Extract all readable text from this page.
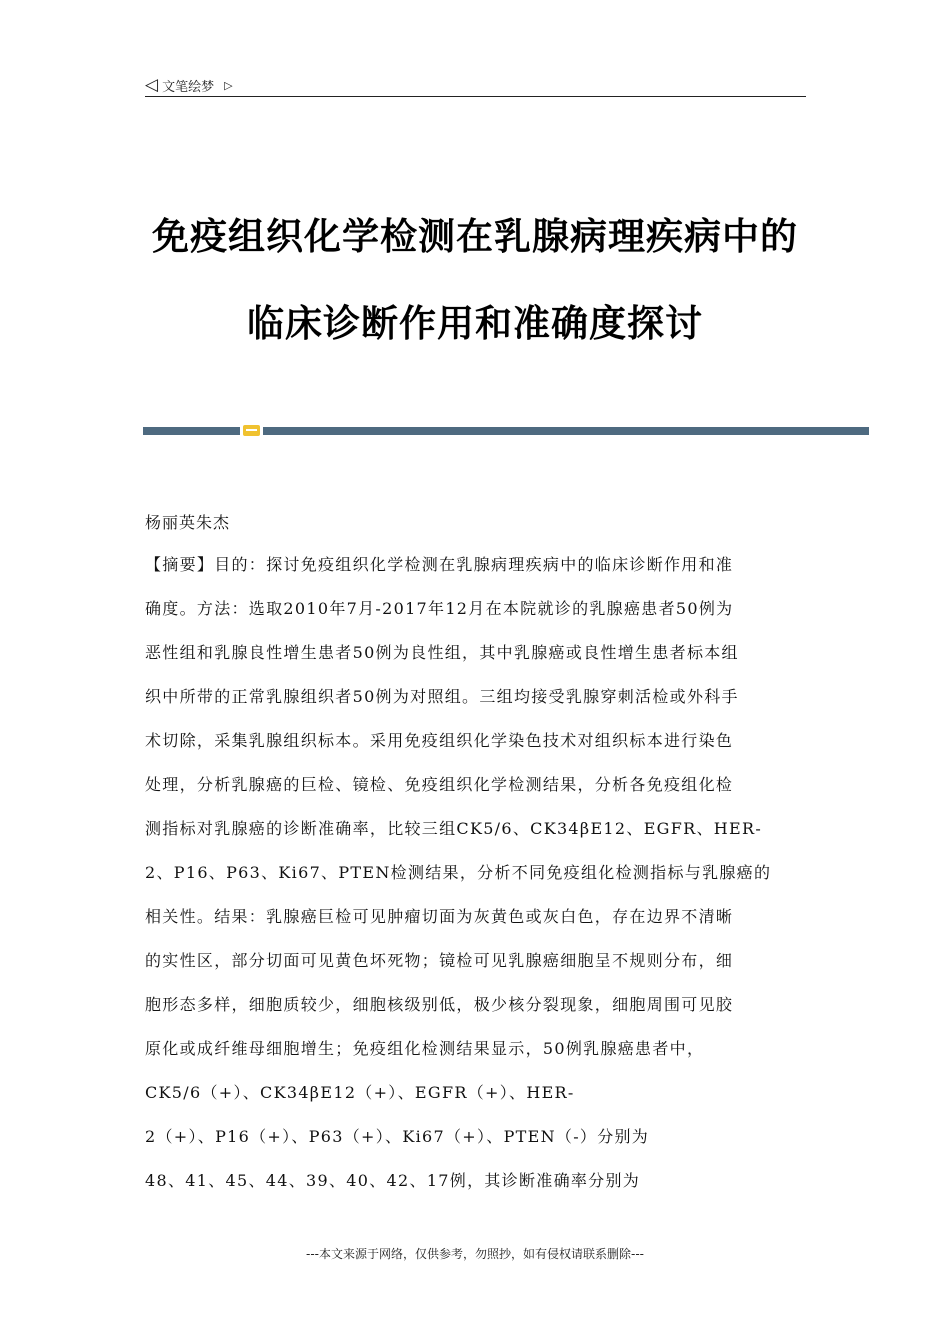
◁ 文笔绘梦 ▷
免疫组织化学检测在乳腺病理疾病中的
临床诊断作用和准确度探讨
杨丽英朱杰
【摘要】目的：探讨免疫组织化学检测在乳腺病理疾病中的临床诊断作用和准
确度。方法：选取2010年7月-2017年12月在本院就诊的乳腺癌患者50例为
恶性组和乳腺良性增生患者50例为良性组，其中乳腺癌或良性增生患者标本组
织中所带的正常乳腺组织者50例为对照组。三组均接受乳腺穿刺活检或外科手
术切除，采集乳腺组织标本。采用免疫组织化学染色技术对组织标本进行染色
处理，分析乳腺癌的巨检、镜检、免疫组织化学检测结果，分析各免疫组化检
测指标对乳腺癌的诊断准确率，比较三组CK5/6、CK34βE12、EGFR、HER-
2、P16、P63、Ki67、PTEN检测结果，分析不同免疫组化检测指标与乳腺癌的
相关性。结果：乳腺癌巨检可见肿瘤切面为灰黄色或灰白色，存在边界不清晰
的实性区，部分切面可见黄色坏死物；镜检可见乳腺癌细胞呈不规则分布，细
胞形态多样，细胞质较少，细胞核级别低，极少核分裂现象，细胞周围可见胶
原化或成纤维母细胞增生；免疫组化检测结果显示，50例乳腺癌患者中，
CK5/6（+）、CK34βE12（+）、EGFR（+）、HER-
2（+）、P16（+）、P63（+）、Ki67（+）、PTEN（-）分别为
48、41、45、44、39、40、42、17例，其诊断准确率分别为
---本文来源于网络，仅供参考，勿照抄，如有侵权请联系删除---
